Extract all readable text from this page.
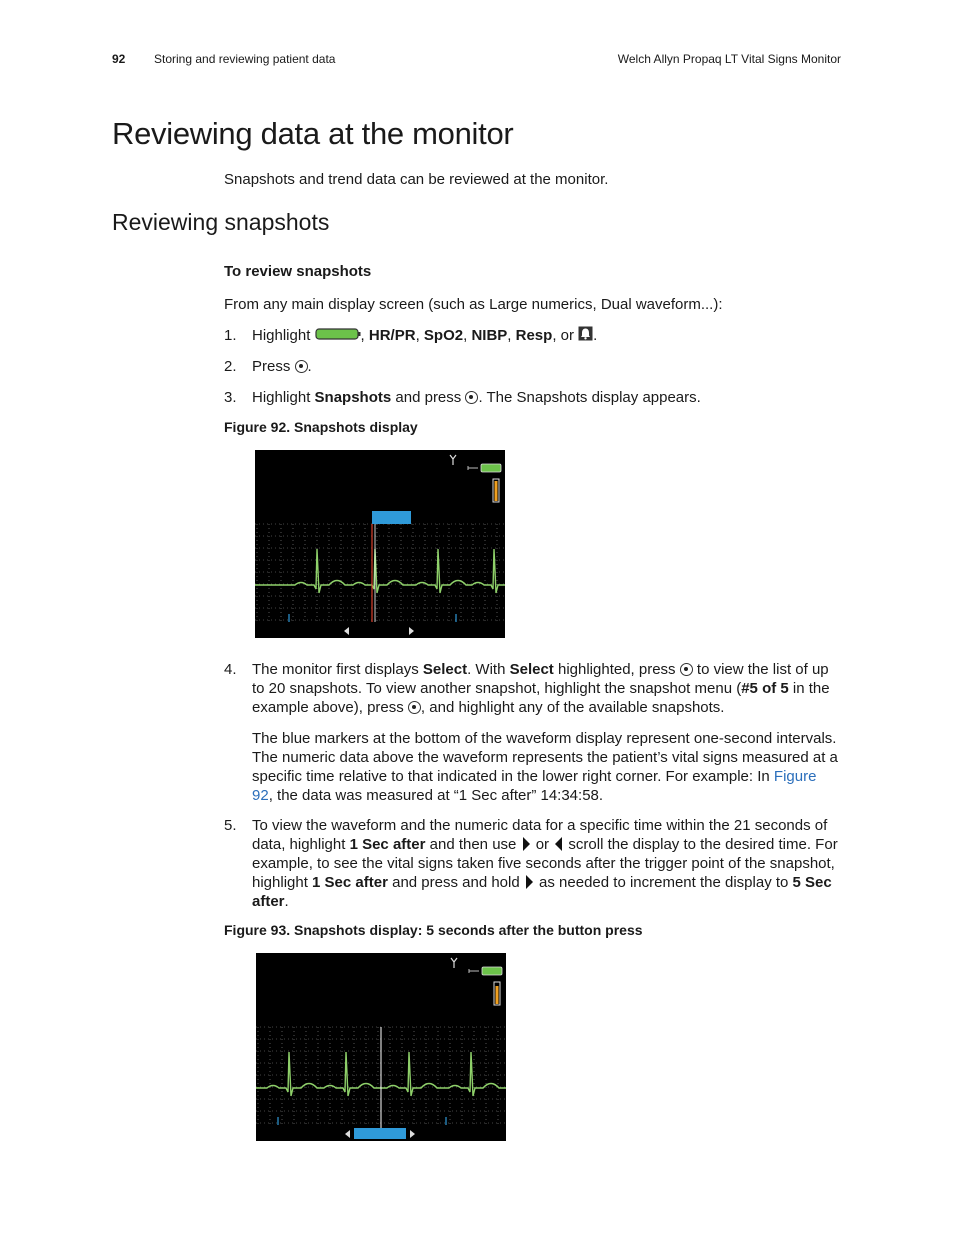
92 Storing and reviewing patient data	Welch Allyn Propaq LT Vital Signs Monitor
Reviewing data at the monitor
Snapshots and trend data can be reviewed at the monitor.
Reviewing snapshots
To review snapshots
From any main display screen (such as Large numerics, Dual waveform...):
1. Highlight	, HR/PR, SpO2, NIBP, Resp, or .
2. Press .
3. Highlight Snapshots and press . The Snapshots display appears.
Figure 92. Snapshots display
4. The monitor first displays Select. With Select highlighted, press  to view the list of up to 20 snapshots. To view another snapshot, highlight the snapshot menu (#5 of 5 in the example above), press , and highlight any of the available snapshots.
The blue markers at the bottom of the waveform display represent one-second intervals. The numeric data above the waveform represents the patient’s vital signs measured at a specific time relative to that indicated in the lower right corner. For example: In Figure 92, the data was measured at “1 Sec after” 14:34:58.
5. To view the waveform and the numeric data for a specific time within the 21 seconds of data, highlight 1 Sec after and then use  or  scroll the display to the desired time. For example, to see the vital signs taken five seconds after the trigger point of the snapshot, highlight 1 Sec after and press and hold  as needed to increment the display to 5 Sec after.
Figure 93. Snapshots display: 5 seconds after the button press
